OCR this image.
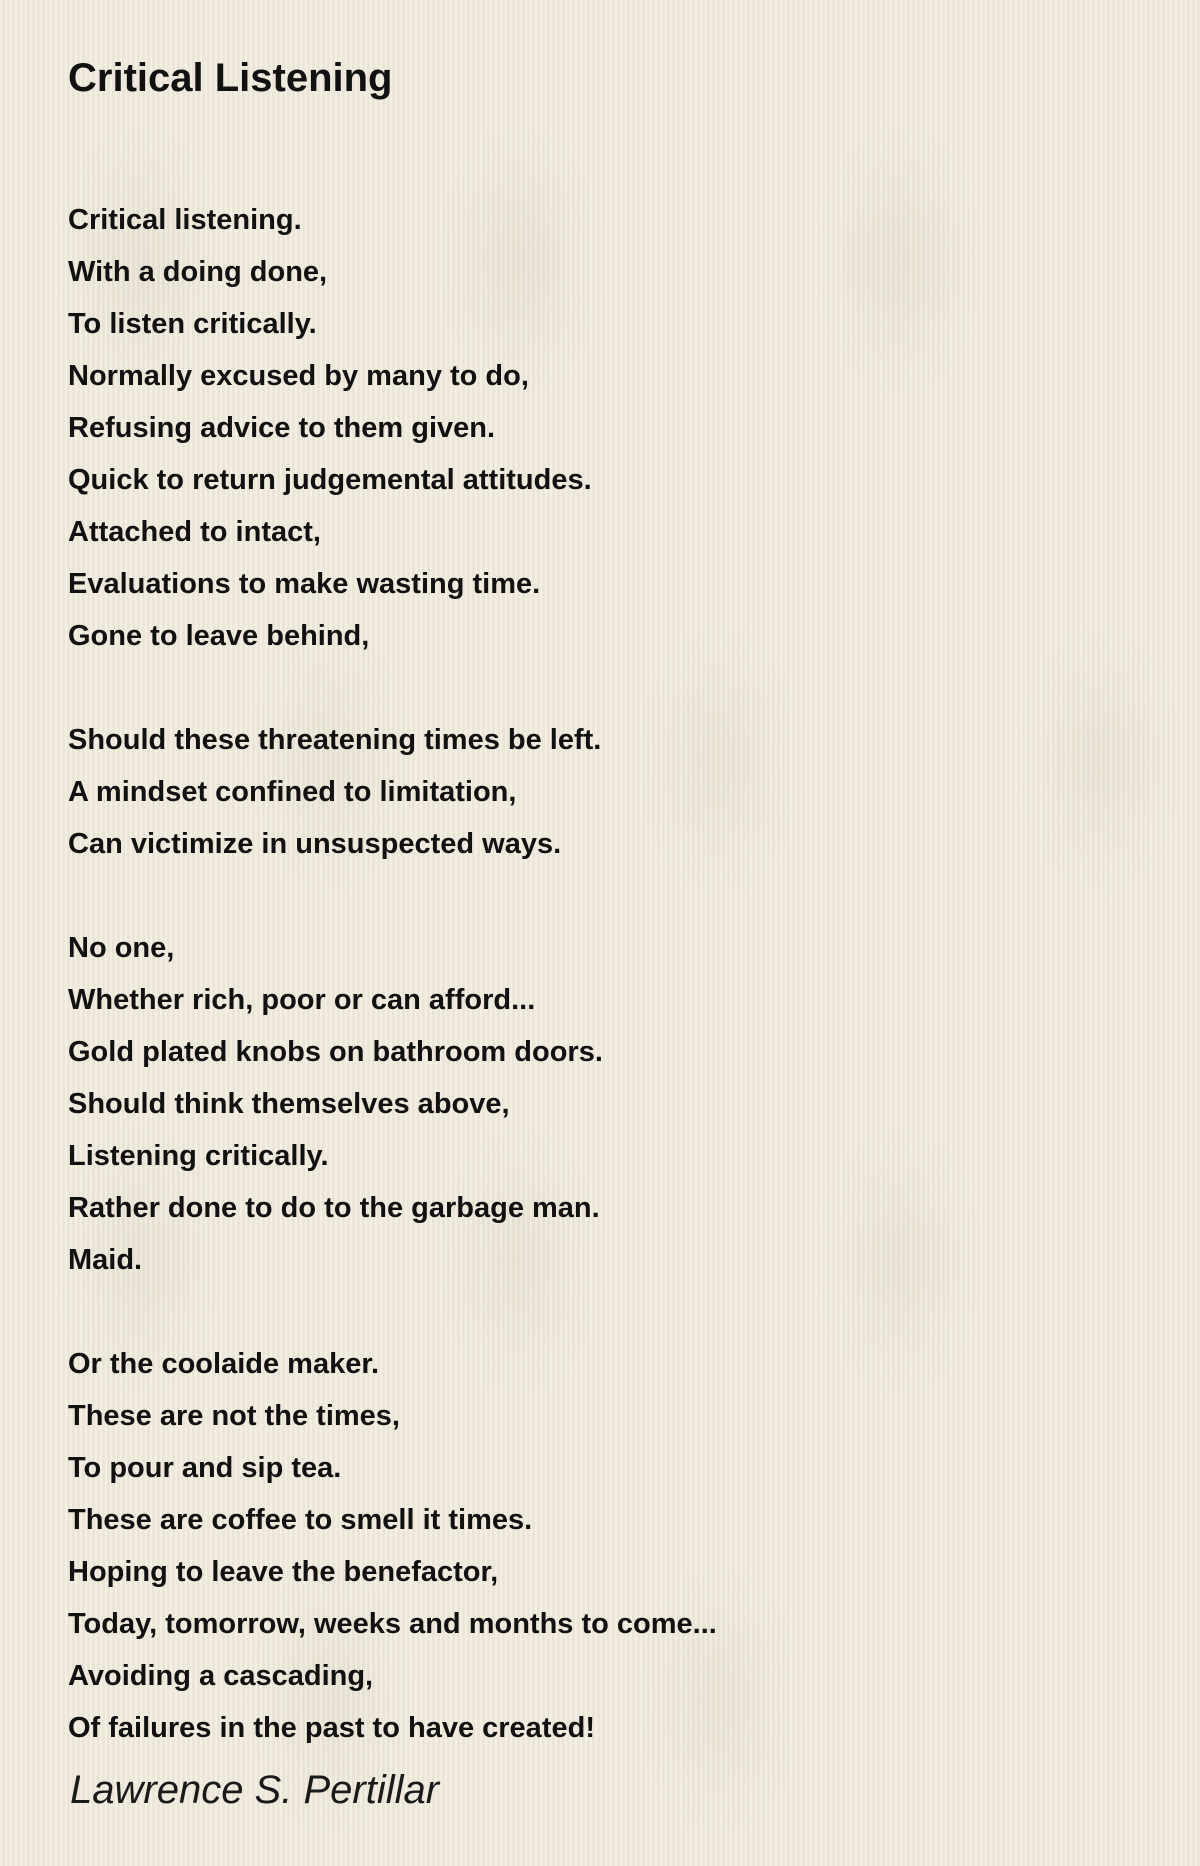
Critical Listening
Critical listening.
With a doing done,
To listen critically.
Normally excused by many to do,
Refusing advice to them given.
Quick to return judgemental attitudes.
Attached to intact,
Evaluations to make wasting time.
Gone to leave behind,
Should these threatening times be left.
A mindset confined to limitation,
Can victimize in unsuspected ways.
No one,
Whether rich, poor or can afford...
Gold plated knobs on bathroom doors.
Should think themselves above,
Listening critically.
Rather done to do to the garbage man.
Maid.
Or the coolaide maker.
These are not the times,
To pour and sip tea.
These are coffee to smell it times.
Hoping to leave the benefactor,
Today, tomorrow, weeks and months to come...
Avoiding a cascading,
Of failures in the past to have created!
Lawrence S. Pertillar
